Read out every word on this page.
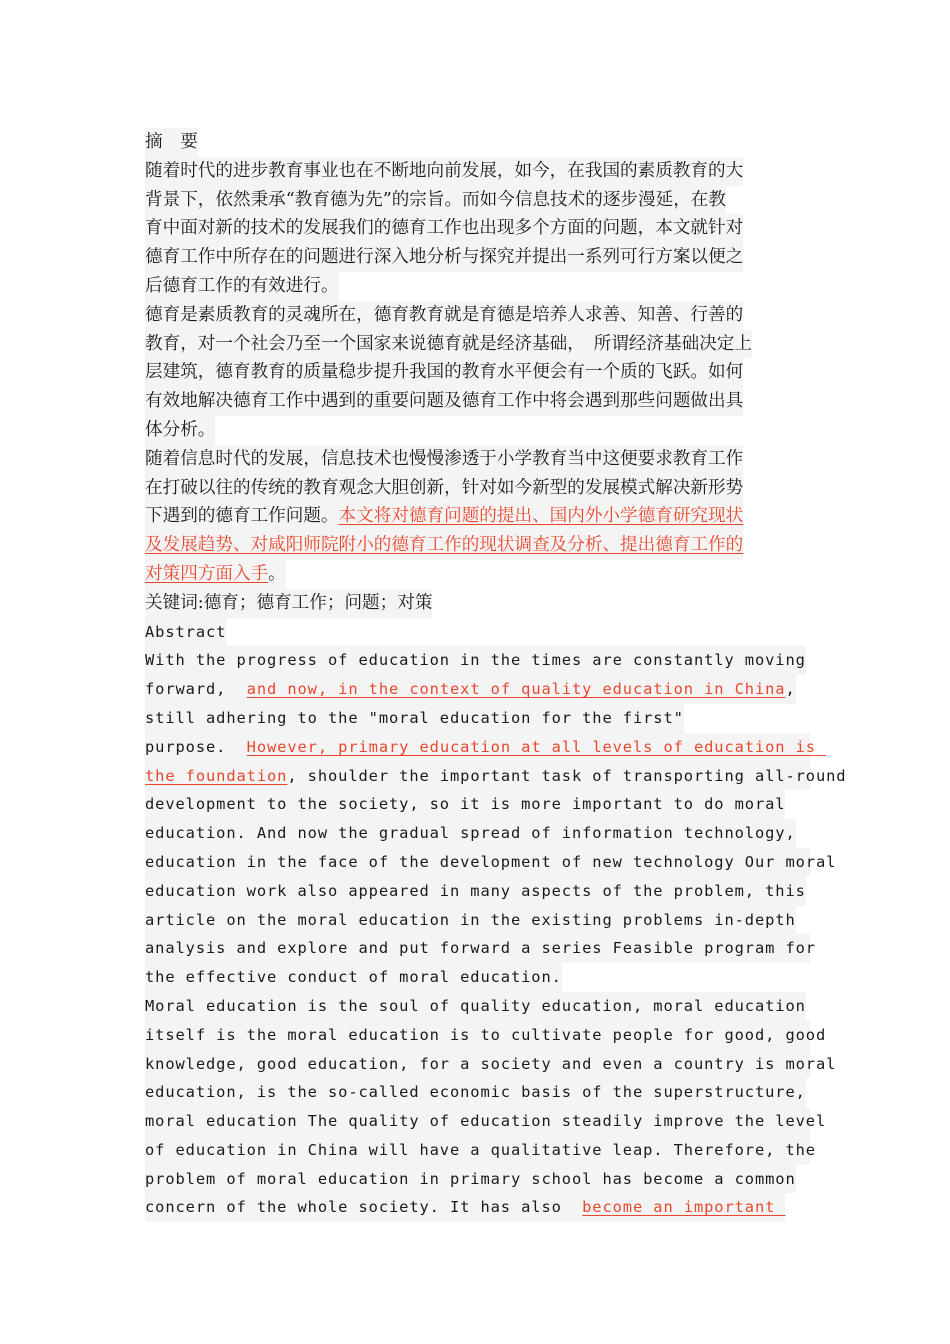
摘　要
随着时代的进步教育事业也在不断地向前发展，如今，在我国的素质教育的大
背景下，依然秉承“教育德为先”的宗旨。而如今信息技术的逐步漫延，在教
育中面对新的技术的发展我们的德育工作也出现多个方面的问题，本文就针对
德育工作中所存在的问题进行深入地分析与探究并提出一系列可行方案以便之
后德育工作的有效进行。
德育是素质教育的灵魂所在，德育教育就是育德是培养人求善、知善、行善的
教育，对一个社会乃至一个国家来说德育就是经济基础，　所谓经济基础决定上
层建筑，德育教育的质量稳步提升我国的教育水平便会有一个质的飞跃。如何
有效地解决德育工作中遇到的重要问题及德育工作中将会遇到那些问题做出具
体分析。
随着信息时代的发展，信息技术也慢慢渗透于小学教育当中这便要求教育工作
在打破以往的传统的教育观念大胆创新，针对如今新型的发展模式解决新形势
下遇到的德育工作问题。本文将对德育问题的提出、国内外小学德育研究现状
及发展趋势、对咸阳师院附小的德育工作的现状调查及分析、提出德育工作的
对策四方面入手。
关键词:德育；德育工作；问题；对策
Abstract
With the progress of education in the times are constantly moving
forward,  and now, in the context of quality education in China,
still adhering to the "moral education for the first"
purpose.  However, primary education at all levels of education is
the foundation, shoulder the important task of transporting all-round
development to the society, so it is more important to do moral
education. And now the gradual spread of information technology,
education in the face of the development of new technology Our moral
education work also appeared in many aspects of the problem, this
article on the moral education in the existing problems in-depth
analysis and explore and put forward a series Feasible program for
the effective conduct of moral education.
Moral education is the soul of quality education, moral education
itself is the moral education is to cultivate people for good, good
knowledge, good education, for a society and even a country is moral
education, is the so-called economic basis of the superstructure,
moral education The quality of education steadily improve the level
of education in China will have a qualitative leap. Therefore, the
problem of moral education in primary school has become a common
concern of the whole society. It has also  become an important
